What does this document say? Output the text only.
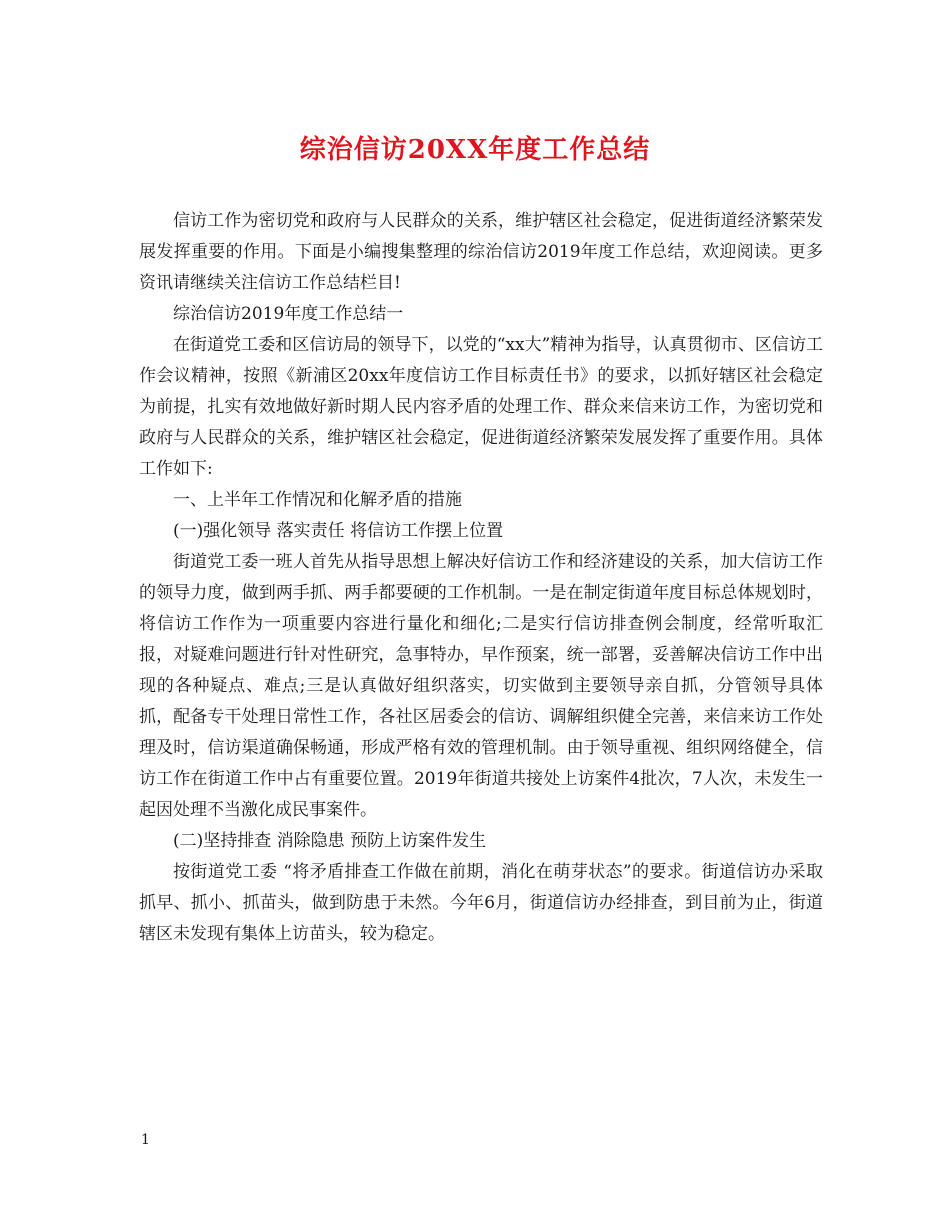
综治信访20XX年度工作总结

信访工作为密切党和政府与人民群众的关系，维护辖区社会稳定，促进街道经济繁荣发展发挥重要的作用。下面是小编搜集整理的综治信访2019年度工作总结，欢迎阅读。更多资讯请继续关注信访工作总结栏目!

综治信访2019年度工作总结一

在街道党工委和区信访局的领导下，以党的“xx大”精神为指导，认真贯彻市、区信访工作会议精神，按照《新浦区20xx年度信访工作目标责任书》的要求，以抓好辖区社会稳定为前提，扎实有效地做好新时期人民内容矛盾的处理工作、群众来信来访工作，为密切党和政府与人民群众的关系，维护辖区社会稳定，促进街道经济繁荣发展发挥了重要作用。具体工作如下:

一、上半年工作情况和化解矛盾的措施

(一)强化领导 落实责任 将信访工作摆上位置

街道党工委一班人首先从指导思想上解决好信访工作和经济建设的关系，加大信访工作的领导力度，做到两手抓、两手都要硬的工作机制。一是在制定街道年度目标总体规划时，将信访工作作为一项重要内容进行量化和细化;二是实行信访排查例会制度，经常听取汇报，对疑难问题进行针对性研究，急事特办，早作预案，统一部署，妥善解决信访工作中出现的各种疑点、难点;三是认真做好组织落实，切实做到主要领导亲自抓，分管领导具体抓，配备专干处理日常性工作，各社区居委会的信访、调解组织健全完善，来信来访工作处理及时，信访渠道确保畅通，形成严格有效的管理机制。由于领导重视、组织网络健全，信访工作在街道工作中占有重要位置。2019年街道共接处上访案件4批次，7人次，未发生一起因处理不当激化成民事案件。

(二)坚持排查 消除隐患 预防上访案件发生

按街道党工委 “将矛盾排查工作做在前期，消化在萌芽状态”的要求。街道信访办采取抓早、抓小、抓苗头，做到防患于未然。今年6月，街道信访办经排查，到目前为止，街道辖区未发现有集体上访苗头，较为稳定。

1
